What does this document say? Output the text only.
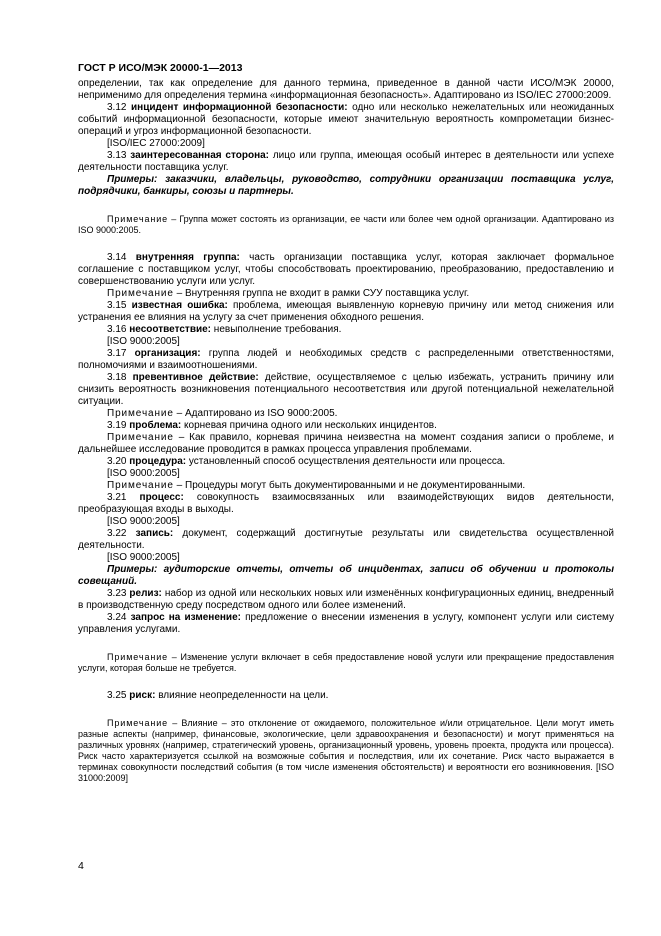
ГОСТ Р ИСО/МЭК 20000-1—2013

определении, так как определение для данного термина, приведенное в данной части ИСО/МЭК 20000, неприменимо для определения термина «информационная безопасность». Адаптировано из ISO/IEC 27000:2009.

3.12 инцидент информационной безопасности: одно или несколько нежелательных или неожиданных событий информационной безопасности, которые имеют значительную вероятность компрометации бизнес-операций и угроз информационной безопасности.

[ISO/IEC 27000:2009]

3.13 заинтересованная сторона: лицо или группа, имеющая особый интерес в деятельности или успехе деятельности поставщика услуг.

Примеры: заказчики, владельцы, руководство, сотрудники организации поставщика услуг, подрядчики, банкиры, союзы и партнеры.

Примечание – Группа может состоять из организации, ее части или более чем одной организации. Адаптировано из ISO 9000:2005.

3.14 внутренняя группа: часть организации поставщика услуг, которая заключает формальное соглашение с поставщиком услуг, чтобы способствовать проектированию, преобразованию, предоставлению и совершенствованию услуги или услуг.

Примечание – Внутренняя группа не входит в рамки СУУ поставщика услуг.

3.15 известная ошибка: проблема, имеющая выявленную корневую причину или метод снижения или устранения ее влияния на услугу за счет применения обходного решения.

3.16 несоответствие: невыполнение требования.

[ISO 9000:2005]

3.17 организация: группа людей и необходимых средств с распределенными ответственностями, полномочиями и взаимоотношениями.

3.18 превентивное действие: действие, осуществляемое с целью избежать, устранить причину или снизить вероятность возникновения потенциального несоответствия или другой потенциальной нежелательной ситуации.

Примечание – Адаптировано из ISO 9000:2005.

3.19 проблема: корневая причина одного или нескольких инцидентов.

Примечание – Как правило, корневая причина неизвестна на момент создания записи о проблеме, и дальнейшее исследование проводится в рамках процесса управления проблемами.

3.20 процедура: установленный способ осуществления деятельности или процесса.

[ISO 9000:2005]

Примечание – Процедуры могут быть документированными и не документированными.

3.21 процесс: совокупность взаимосвязанных или взаимодействующих видов деятельности, преобразующая входы в выходы.

[ISO 9000:2005]

3.22 запись: документ, содержащий достигнутые результаты или свидетельства осуществленной деятельности.

[ISO 9000:2005]

Примеры: аудиторские отчеты, отчеты об инцидентах, записи об обучении и протоколы совещаний.

3.23 релиз: набор из одной или нескольких новых или изменённых конфигурационных единиц, внедренный в производственную среду посредством одного или более изменений.

3.24 запрос на изменение: предложение о внесении изменения в услугу, компонент услуги или систему управления услугами.

Примечание – Изменение услуги включает в себя предоставление новой услуги или прекращение предоставления услуги, которая больше не требуется.

3.25 риск: влияние неопределенности на цели.

Примечание – Влияние – это отклонение от ожидаемого, положительное и/или отрицательное. Цели могут иметь разные аспекты (например, финансовые, экологические, цели здравоохранения и безопасности) и могут применяться на различных уровнях (например, стратегический уровень, организационный уровень, уровень проекта, продукта или процесса). Риск часто характеризуется ссылкой на возможные события и последствия, или их сочетание. Риск часто выражается в терминах совокупности последствий события (в том числе изменения обстоятельств) и вероятности его возникновения. [ISO 31000:2009]

4
